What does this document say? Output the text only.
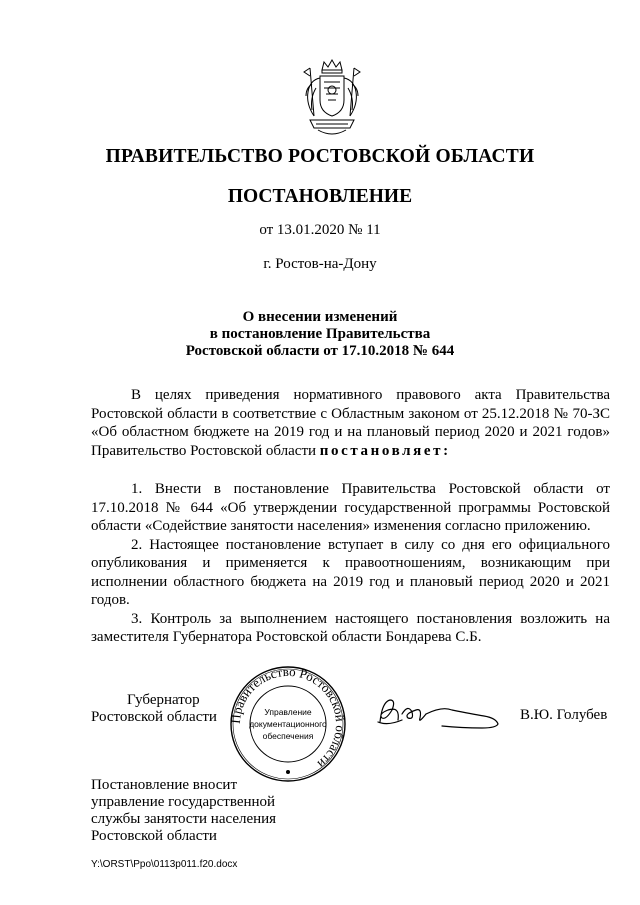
ПРАВИТЕЛЬСТВО РОСТОВСКОЙ ОБЛАСТИ
ПОСТАНОВЛЕНИЕ
от 13.01.2020 № 11
г. Ростов-на-Дону
О внесении изменений
в постановление Правительства
Ростовской области от 17.10.2018 № 644

В целях приведения нормативного правового акта Правительства Ростовской области в соответствие с Областным законом от 25.12.2018 № 70-ЗС «Об областном бюджете на 2019 год и на плановый период 2020 и 2021 годов» Правительство Ростовской области постановляет:

1. Внести в постановление Правительства Ростовской области от 17.10.2018 № 644 «Об утверждении государственной программы Ростовской области «Содействие занятости населения» изменения согласно приложению.

2. Настоящее постановление вступает в силу со дня его официального опубликования и применяется к правоотношениям, возникающим при исполнении областного бюджета на 2019 год и плановый период 2020 и 2021 годов.

3. Контроль за выполнением настоящего постановления возложить на заместителя Губернатора Ростовской области Бондарева С.Б.

Губернатор
Ростовской области Правительство Ростовской области
Управление
документационного
обеспечения
В.Ю. Голубев
Постановление вносит
управление государственной
службы занятости населения
Ростовской области
Y:\ORST\Ppo\0113p011.f20.docx
